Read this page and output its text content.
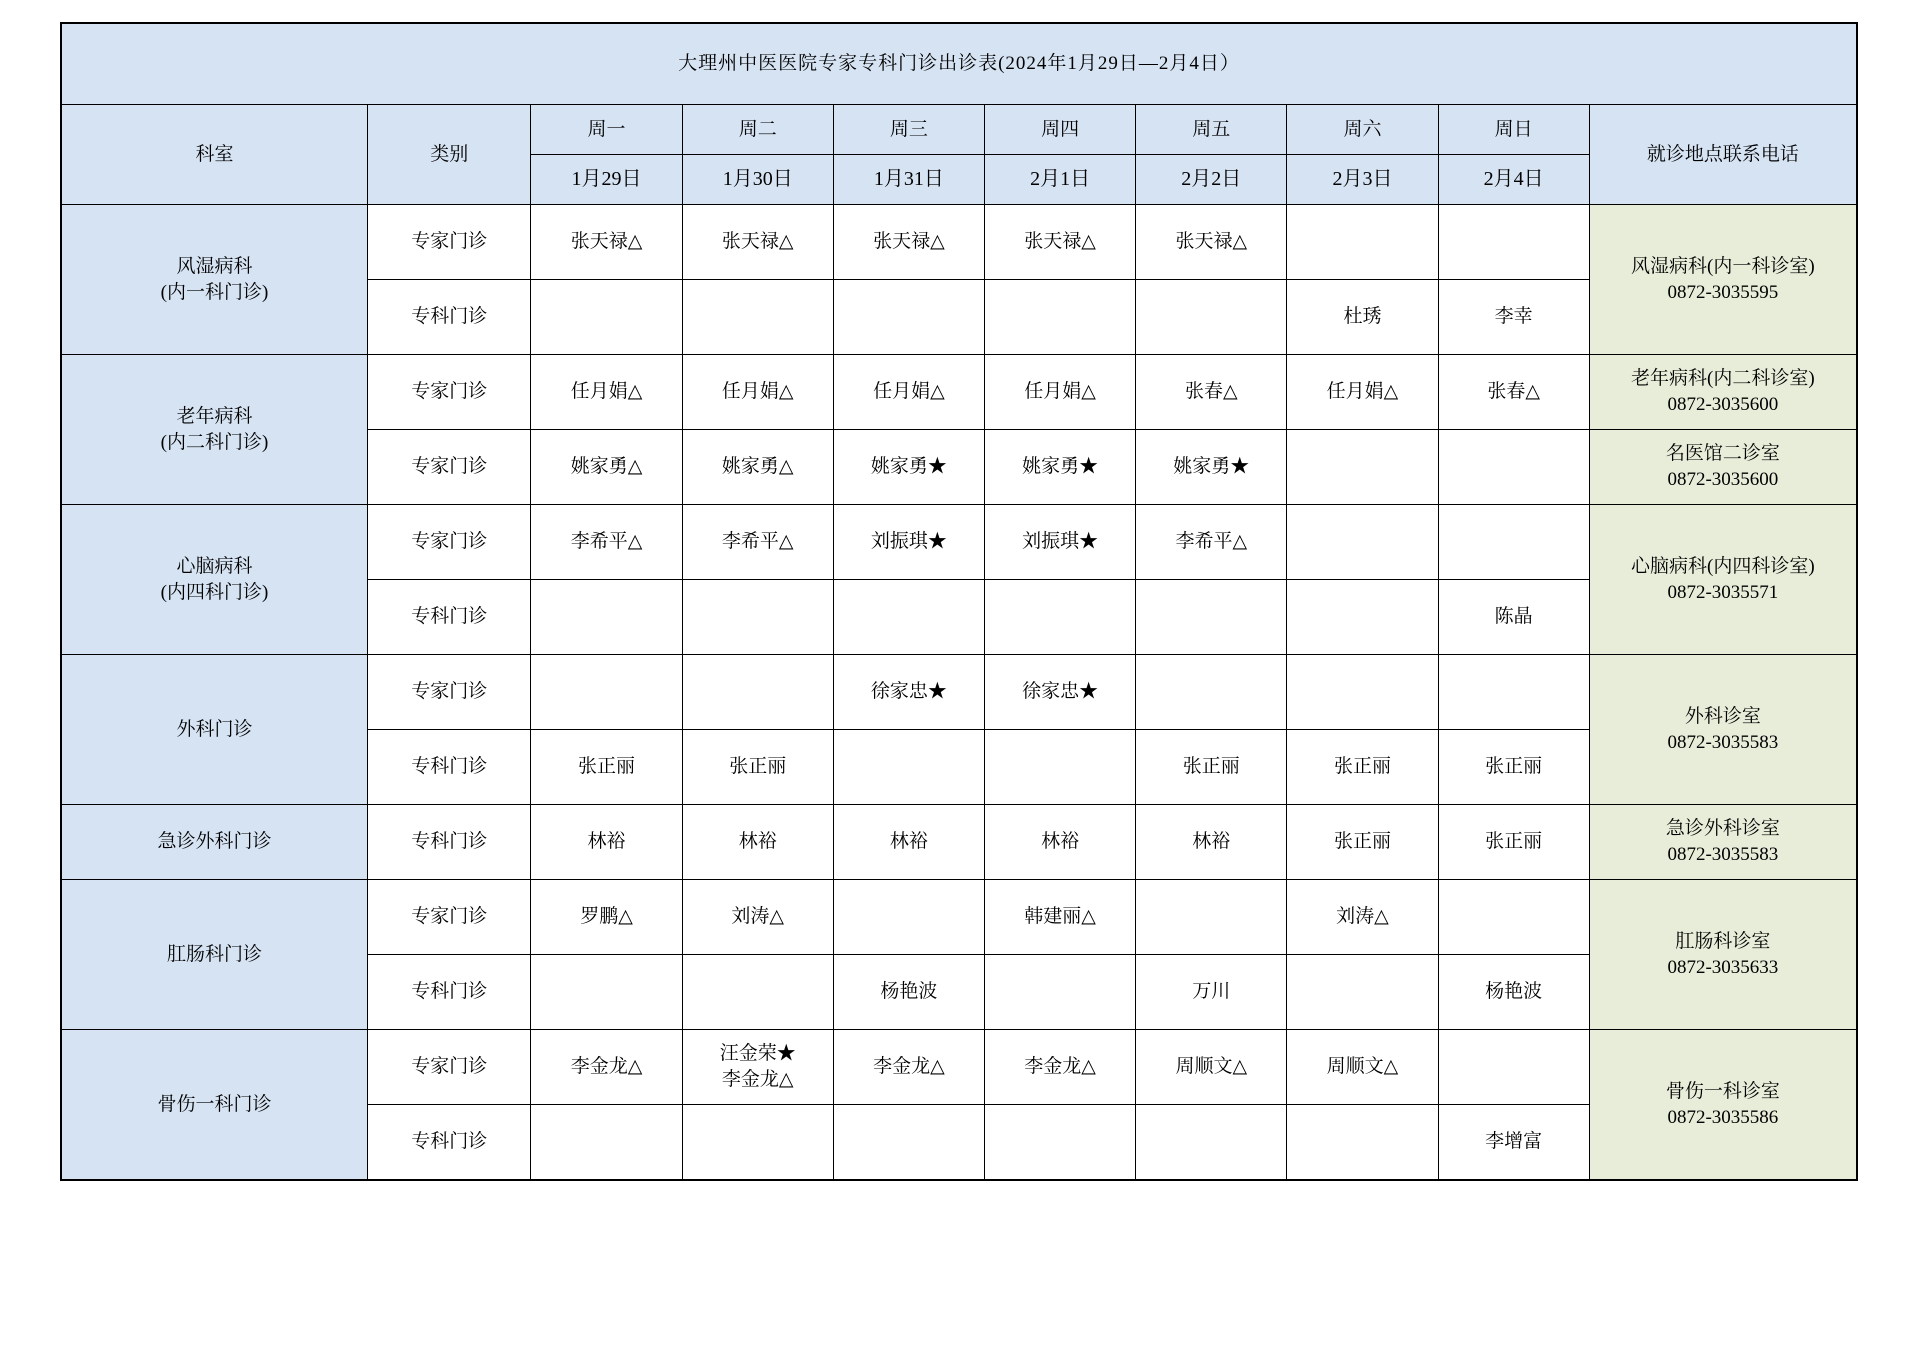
大理州中医医院专家专科门诊出诊表(2024年1月29日—2月4日）									
科室	类别	周一	周二	周三	周四	周五	周六	周日	就诊地点联系电话
		1月29日	1月30日	1月31日	2月1日	2月2日	2月3日	2月4日	
风湿病科
(内一科门诊)	专家门诊	张天禄△	张天禄△	张天禄△	张天禄△	张天禄△			风湿病科(内一科诊室)
0872-3035595

	专科门诊						杜琇	李幸	
老年病科
(内二科门诊)	专家门诊	任月娟△	任月娟△	任月娟△	任月娟△	张春△	任月娟△	张春△	老年病科(内二科诊室)
0872-3035600

	专家门诊	姚家勇△	姚家勇△	姚家勇★	姚家勇★	姚家勇★			名医馆二诊室
0872-3035600

心脑病科
(内四科门诊)	专家门诊	李希平△	李希平△	刘振琪★	刘振琪★	李希平△			心脑病科(内四科诊室)
0872-3035571

	专科门诊							陈晶	
外科门诊	专家门诊			徐家忠★	徐家忠★				外科诊室
0872-3035583

	专科门诊	张正丽	张正丽			张正丽	张正丽	张正丽	
急诊外科门诊	专科门诊	林裕	林裕	林裕	林裕	林裕	张正丽	张正丽	急诊外科诊室
0872-3035583

肛肠科门诊	专家门诊	罗鹏△	刘涛△		韩建丽△		刘涛△		肛肠科诊室
0872-3035633

	专科门诊			杨艳波		万川		杨艳波	
骨伤一科门诊	专家门诊	李金龙△	汪金荣★
李金龙△	李金龙△	李金龙△	周顺文△	周顺文△		骨伤一科诊室
0872-3035586

	专科门诊							李增富	
